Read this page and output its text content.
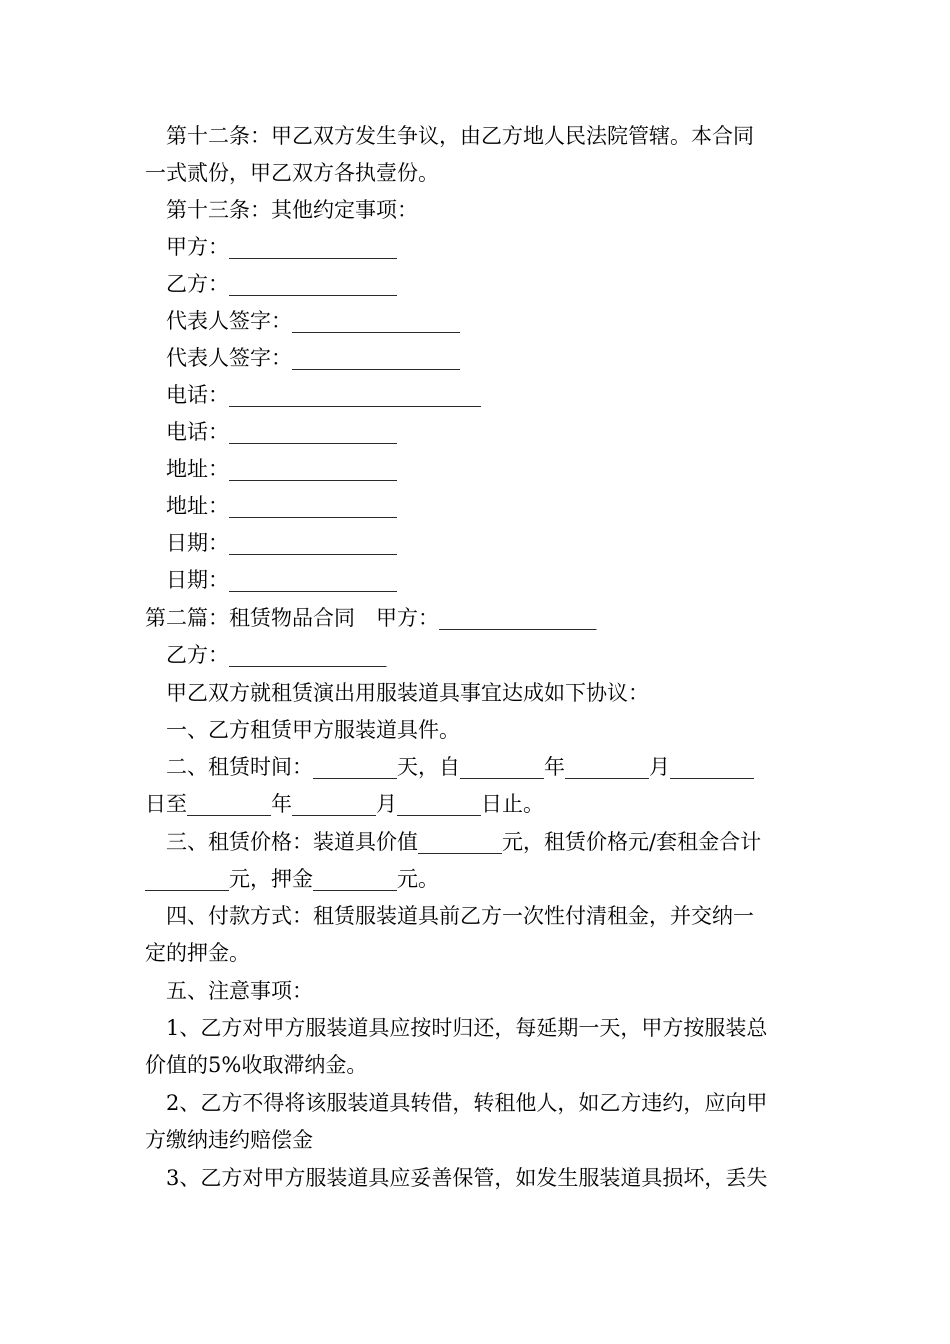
　第十二条：甲乙双方发生争议，由乙方地人民法院管辖。本合同
一式贰份，甲乙双方各执壹份。
　第十三条：其他约定事项：
　甲方：________________
　乙方：________________
　代表人签字：________________
　代表人签字：________________
　电话：________________________
　电话：________________
　地址：________________
　地址：________________
　日期：________________
　日期：________________
第二篇：租赁物品合同　甲方：_______________
　乙方：_______________
　甲乙双方就租赁演出用服装道具事宜达成如下协议：
　一、乙方租赁甲方服装道具件。
　二、租赁时间：________天，自________年________月________
日至________年________月________日止。
　三、租赁价格：装道具价值________元，租赁价格元/套租金合计
________元，押金________元。
　四、付款方式：租赁服装道具前乙方一次性付清租金，并交纳一
定的押金。
　五、注意事项：
　1、乙方对甲方服装道具应按时归还，每延期一天，甲方按服装总
价值的5%收取滞纳金。
　2、乙方不得将该服装道具转借，转租他人，如乙方违约，应向甲
方缴纳违约赔偿金
　3、乙方对甲方服装道具应妥善保管，如发生服装道具损坏，丢失
